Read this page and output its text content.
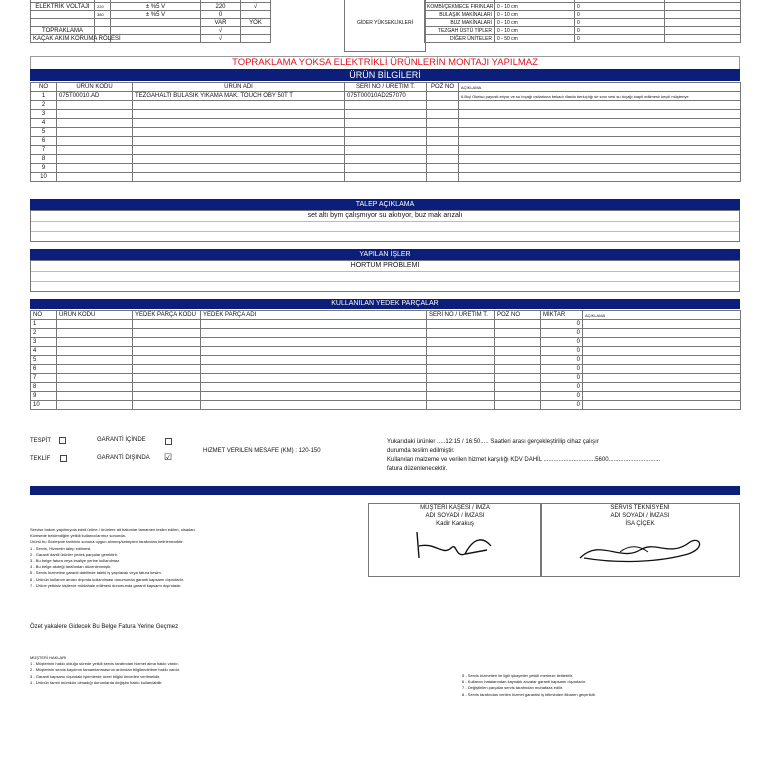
ELEKTRİK VOLTAJI	220	± %5 V	220	√
	380	± %5 V	0	
			VAR	YOK
TOPRAKLAMA			√	
KAÇAK AKIM KORUMA RÖLESİ			√	
GİDER YÜKSEKLİKLERİ

KOMBİ/ÇEKMECE FIRINLAR	0 - 10 cm	0	
BULAŞIK MAKİNALARI	0 - 10 cm	0	
BUZ MAKİNALARI	0 - 10 cm	0	
TEZGAH ÜSTÜ TİPLER	0 - 10 cm	0	
DİĞER ÜNİTELER	0 - 50 cm	0	
TOPRAKLAMA YOKSA ELEKTRİKLİ ÜRÜNLERİN MONTAJI YAPILMAZ
ÜRÜN BİLGİLERİ
NO	ÜRÜN KODU	ÜRÜN ADI	SERİ NO / ÜRETİM T.	POZ NO	AÇIKLAMA
1	075T00010.AD	TEZGAHALTI BULASIK YIKAMA MAK. TOUCH OBY 50T T	075T00010AD257070		6.Bıçi Okeiso payusti eriyor ve su bıçağı ostlariona bekadı ıllarda berkıçlığı sir sınıı vesi su bıçağı inapli edilmesiı keçıli müşteriye
2					
3					
4					
5					
6					
7					
8					
9					
10					
TALEP AÇIKLAMA
set altı bym çalışmıyor su akıtıyor, buz mak arızalı
YAPILAN İŞLER
HORTUM PROBLEMI
KULLANILAN YEDEK PARÇALAR
NO	ÜRÜN KODU	YEDEK PARÇA KODU	YEDEK PARÇA ADI	SERİ NO / URETIM T.	POZ NO	MİKTAR	AÇIKLAMA
1						0	
2						0	
3						0	
4						0	
5						0	
6						0	
7						0	
8						0	
9						0	
10						0	
TESPİT
TEKLİF
GARANTİ İÇİNDE
GARANTİ DIŞINDA ☑
HIZMET VERILEN MESAFE (KM) : 120-150
Yukarıdaki ürünler .....12:15 / 16:50..... Saatleri arası gerçekleştirilip cihaz çalışır
durumda teslim edilmiştir.
Kullanılan malzeme ve verilen hizmet karşılığı KDV DAHİL ...............................5600...............................
fatura düzenlenecektir.
MÜŞTERİ KAŞESİ / İMZA
ADI SOYADI / İMZASI
Kadir Karakuş
SERVIS TEKNİSYENİ
ADI SOYADI / İMZASI
İSA ÇİÇEK
Servise bakım yapılmıyola edeli ürüne / ürünlere ait bakımlar tamamen teslim edilen, olsadan.
Kümsede beklendiğim yetkili kullanıcılarımız sonunda.
Ürünü bu Sözleşme tarihinin sonuna uygun alınmış/sebepleri tarafından belirlenecektir.
1 - Servis, Hizmetin talep edilmesi.
2 - Garanti dahili ürünler yedek parçalar gerektirir.
3 - Bu belge fatura veya irsaliye yerine kullanılmaz.
4 - Bu belge akdeği tarafından düzenlenmiştir.
5 - Servis hizmetine garanti dahilinde talebi iş yapılacak veya fatura kesim.
6 - Ürünün kullanım amacı dışında kullanılması durumunda garanti kapsamı dışındadır.
7 - Ürüne yetkisiz kişilerce müdahale edilmesi durumunda garanti kapsamı dışındadır.
Özet yakalere Gidecek Bu Belge Fatura Yerine Geçmez
MÜŞTERİ HAKLARI
1 - Müşterinin hakkı olduğu sürede yetkili servis tarafından hizmet alma hakkı vardır.
2 - Müşterinin servis kaydının tamamlanmasının ardından bilgilendirilme hakkı vardır.
3 - Garanti kapsamı dışındaki işlemlerde ücret bilgisi önceden verilmelidir.
4 - Ürünün tamiri mümkün olmadığı durumlarda değişim hakkı kullanılabilir.
5 - Servis hizmetleri ile ilgili şikayetler yetkili merkeze iletilebilir.
6 - Kullanıcı hatalarından kaynaklı arızalar garanti kapsamı dışındadır.
7 - Değiştirilen parçalar servis tarafından muhafaza edilir.
8 - Servis tarafından verilen hizmet garantisi iş bitiminden itibaren geçerlidir.
